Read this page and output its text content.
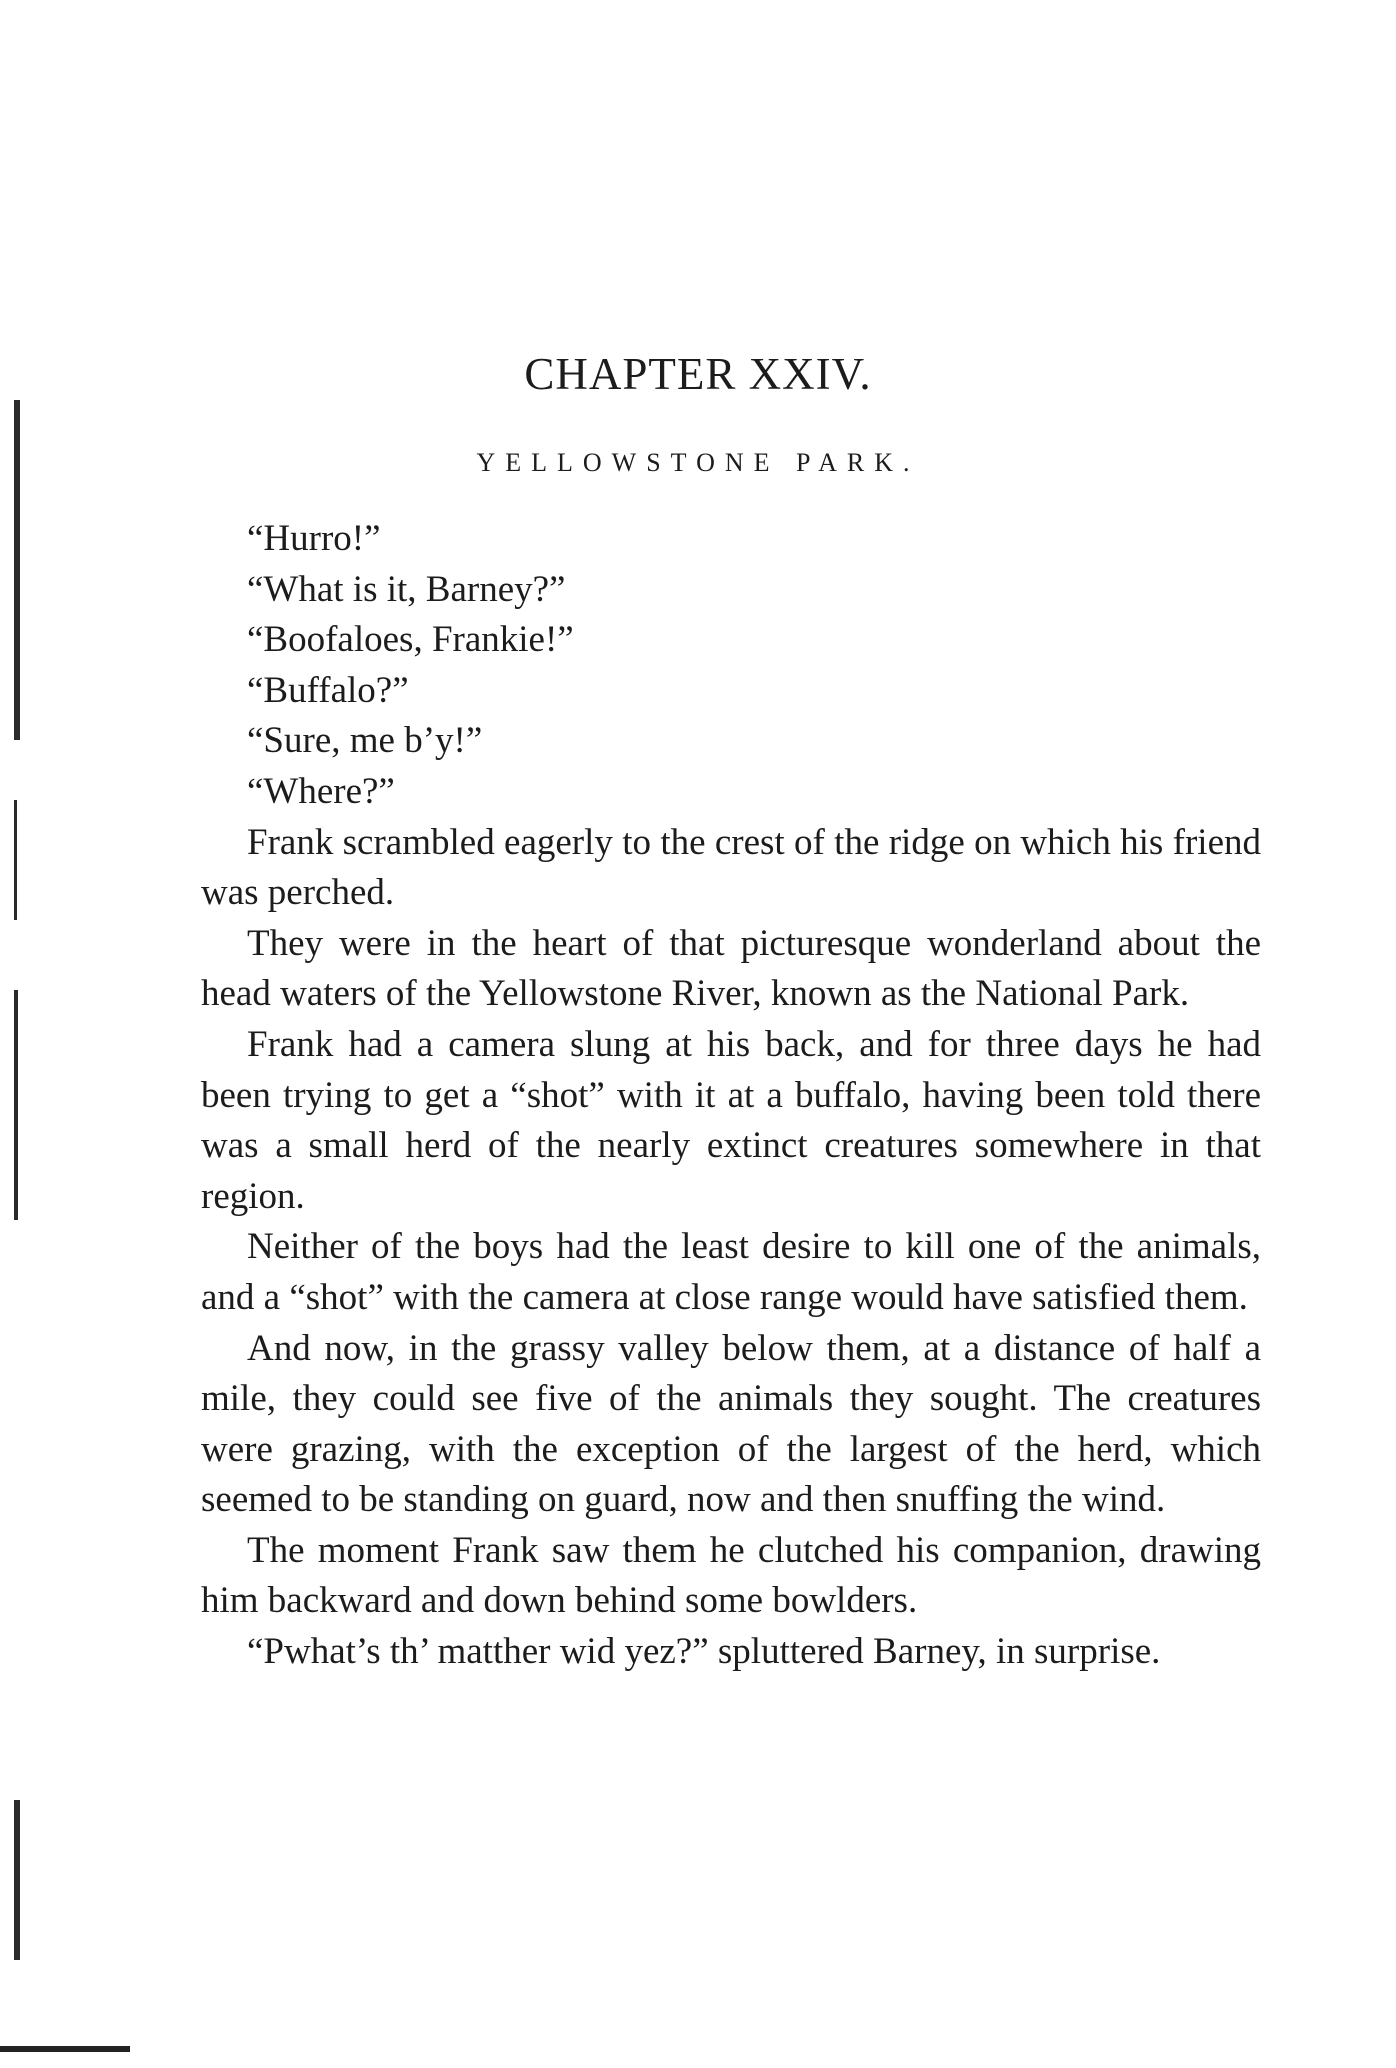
CHAPTER XXIV.
YELLOWSTONE PARK.

“Hurro!”

“What is it, Barney?”

“Boofaloes, Frankie!”

“Buffalo?”

“Sure, me b’y!”

“Where?”

Frank scrambled eagerly to the crest of the ridge on which his friend was perched.

They were in the heart of that picturesque wonderland about the head waters of the Yellowstone River, known as the National Park.

Frank had a camera slung at his back, and for three days he had been trying to get a “shot” with it at a buffalo, having been told there was a small herd of the nearly extinct creatures somewhere in that region.

Neither of the boys had the least desire to kill one of the animals, and a “shot” with the camera at close range would have satisfied them.

And now, in the grassy valley below them, at a distance of half a mile, they could see five of the animals they sought. The creatures were grazing, with the exception of the largest of the herd, which seemed to be standing on guard, now and then snuffing the wind.

The moment Frank saw them he clutched his companion, drawing him backward and down behind some bowlders.

“Pwhat’s th’ matther wid yez?” spluttered Barney, in surprise.
